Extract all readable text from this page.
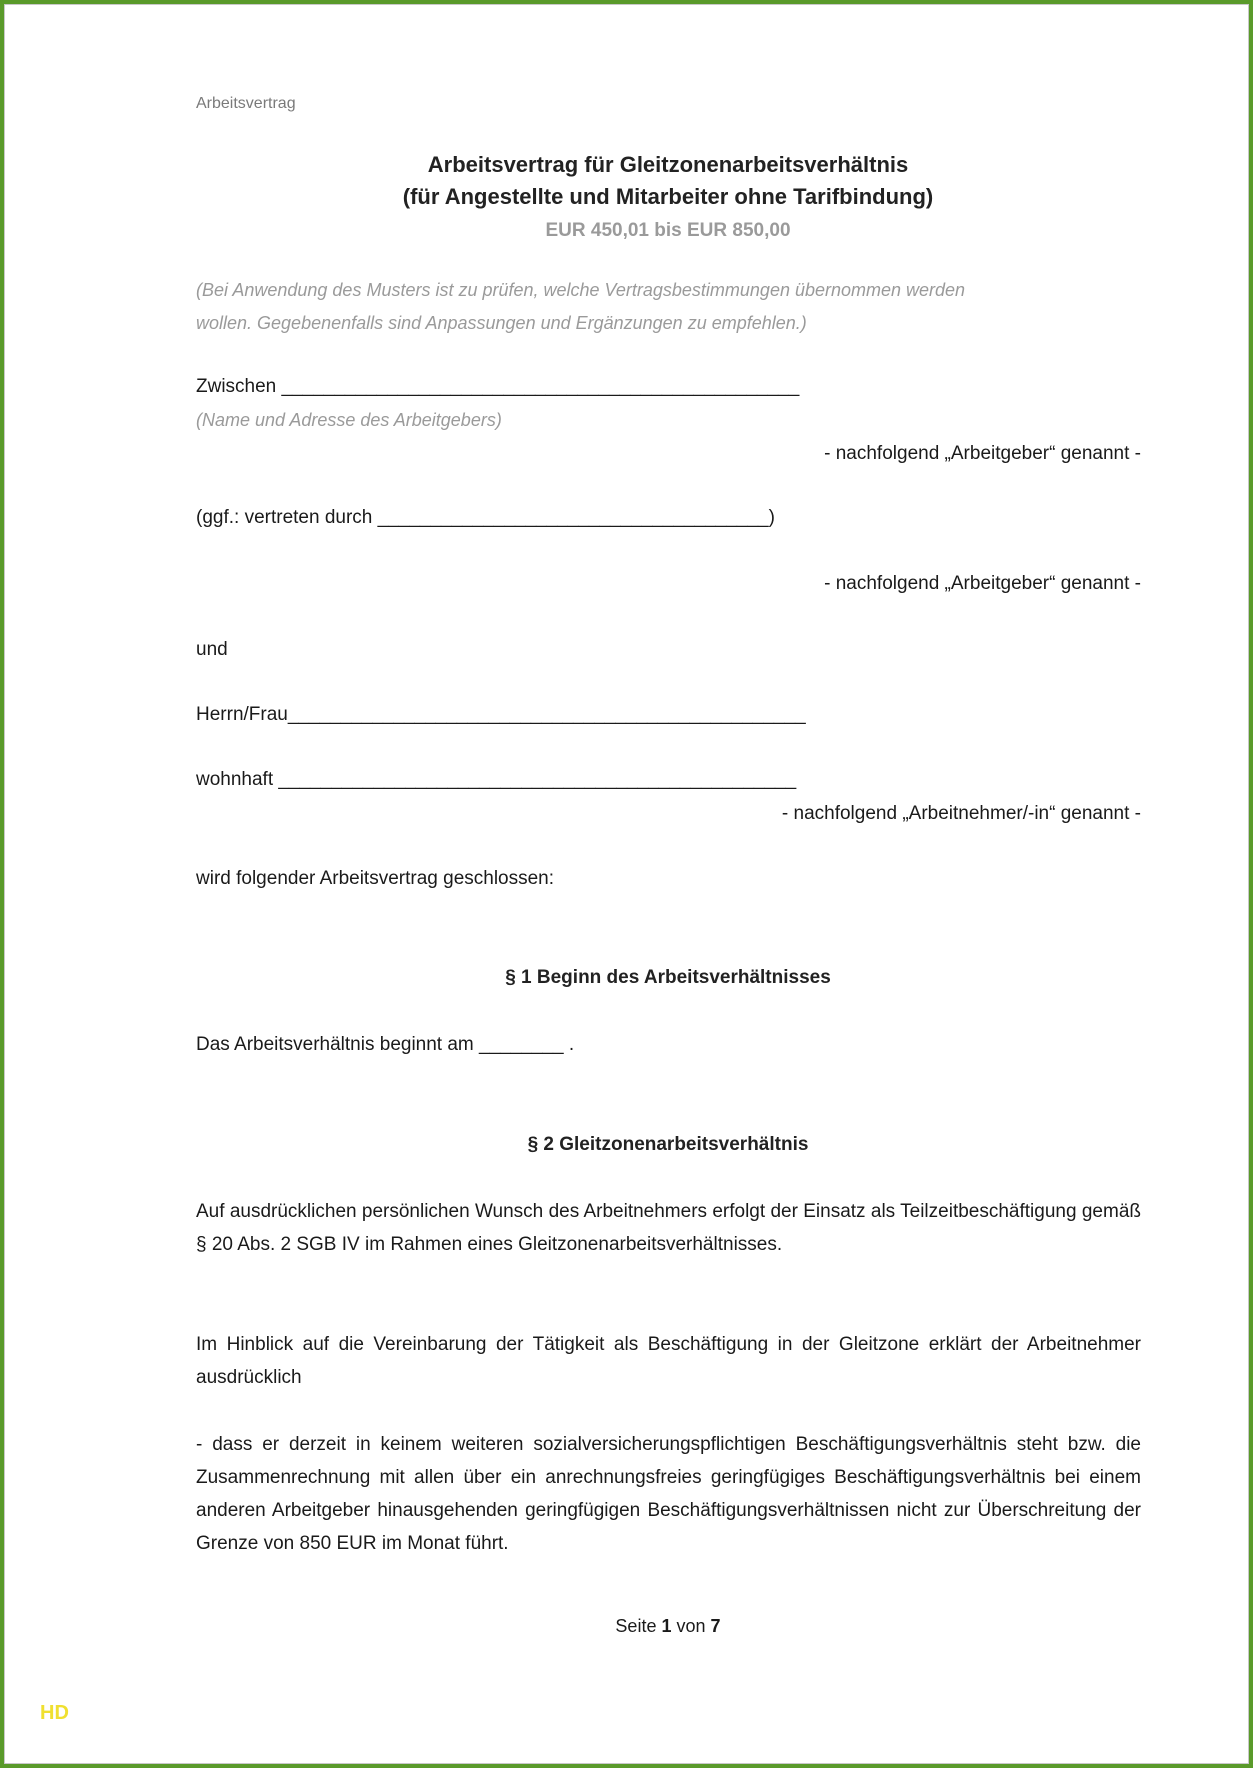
Arbeitsvertrag
Arbeitsvertrag für Gleitzonenarbeitsverhältnis
(für Angestellte und Mitarbeiter ohne Tarifbindung)
EUR 450,01 bis EUR 850,00
(Bei Anwendung des Musters ist zu prüfen, welche Vertragsbestimmungen übernommen werden
wollen. Gegebenenfalls sind Anpassungen und Ergänzungen zu empfehlen.)
Zwischen _________________________________________________
(Name und Adresse des Arbeitgebers)
- nachfolgend „Arbeitgeber“ genannt -
(ggf.: vertreten durch _____________________________________)
- nachfolgend „Arbeitgeber“ genannt -
und
Herrn/Frau_________________________________________________
wohnhaft _________________________________________________
- nachfolgend „Arbeitnehmer/-in“ genannt -
wird folgender Arbeitsvertrag geschlossen:
§ 1 Beginn des Arbeitsverhältnisses
Das Arbeitsverhältnis beginnt am ________ .
§ 2 Gleitzonenarbeitsverhältnis
Auf ausdrücklichen persönlichen Wunsch des Arbeitnehmers erfolgt der Einsatz als Teilzeitbeschäftigung gemäß § 20 Abs. 2 SGB IV im Rahmen eines Gleitzonenarbeitsverhältnisses.
Im Hinblick auf die Vereinbarung der Tätigkeit als Beschäftigung in der Gleitzone erklärt der Arbeitnehmer ausdrücklich
- dass er derzeit in keinem weiteren sozialversicherungspflichtigen Beschäftigungsverhältnis steht bzw. die Zusammenrechnung mit allen über ein anrechnungsfreies geringfügiges Beschäftigungsverhältnis bei einem anderen Arbeitgeber hinausgehenden geringfügigen Beschäftigungsverhältnissen nicht zur Überschreitung der Grenze von 850 EUR im Monat führt.
Seite 1 von 7
HD
